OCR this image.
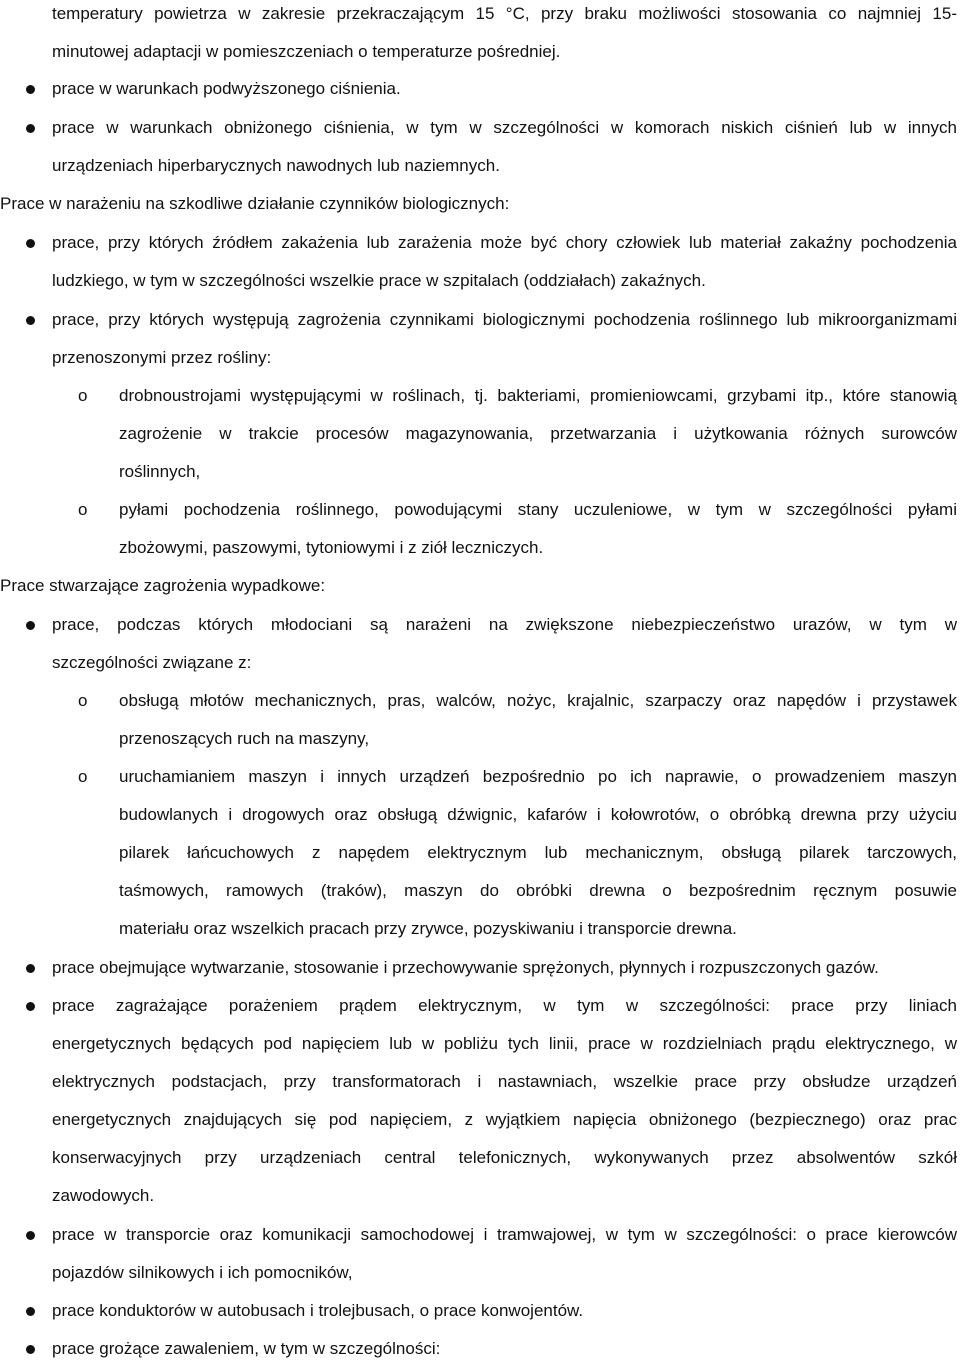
temperatury powietrza w zakresie przekraczającym 15 °C, przy braku możliwości stosowania co najmniej 15-
minutowej adaptacji w pomieszczeniach o temperaturze pośredniej.
prace w warunkach podwyższonego ciśnienia.
prace w warunkach obniżonego ciśnienia, w tym w szczególności w komorach niskich ciśnień lub w innych
urządzeniach hiperbarycznych nawodnych lub naziemnych.
Prace w narażeniu na szkodliwe działanie czynników biologicznych:
prace, przy których źródłem zakażenia lub zarażenia może być chory człowiek lub materiał zakaźny pochodzenia
ludzkiego, w tym w szczególności wszelkie prace w szpitalach (oddziałach) zakaźnych.
prace, przy których występują zagrożenia czynnikami biologicznymi pochodzenia roślinnego lub mikroorganizmami
przenoszonymi przez rośliny:
o drobnoustrojami występującymi w roślinach, tj. bakteriami, promieniowcami, grzybami itp., które stanowią
zagrożenie w trakcie procesów magazynowania, przetwarzania i użytkowania różnych surowców
roślinnych,
o pyłami pochodzenia roślinnego, powodującymi stany uczuleniowe, w tym w szczególności pyłami
zbożowymi, paszowymi, tytoniowymi i z ziół leczniczych.
Prace stwarzające zagrożenia wypadkowe:
prace, podczas których młodociani są narażeni na zwiększone niebezpieczeństwo urazów, w tym w
szczególności związane z:
o obsługą młotów mechanicznych, pras, walców, nożyc, krajalnic, szarpaczy oraz napędów i przystawek
przenoszących ruch na maszyny,
o uruchamianiem maszyn i innych urządzeń bezpośrednio po ich naprawie, o prowadzeniem maszyn
budowlanych i drogowych oraz obsługą dźwignic, kafarów i kołowrotów, o obróbką drewna przy użyciu
pilarek łańcuchowych z napędem elektrycznym lub mechanicznym, obsługą pilarek tarczowych,
taśmowych, ramowych (traków), maszyn do obróbki drewna o bezpośrednim ręcznym posuwie
materiału oraz wszelkich pracach przy zrywce, pozyskiwaniu i transporcie drewna.
prace obejmujące wytwarzanie, stosowanie i przechowywanie sprężonych, płynnych i rozpuszczonych gazów.
prace zagrażające porażeniem prądem elektrycznym, w tym w szczególności: prace przy liniach
energetycznych będących pod napięciem lub w pobliżu tych linii, prace w rozdzielniach prądu elektrycznego, w
elektrycznych podstacjach, przy transformatorach i nastawniach, wszelkie prace przy obsłudze urządzeń
energetycznych znajdujących się pod napięciem, z wyjątkiem napięcia obniżonego (bezpiecznego) oraz prac
konserwacyjnych przy urządzeniach central telefonicznych, wykonywanych przez absolwentów szkół
zawodowych.
prace w transporcie oraz komunikacji samochodowej i tramwajowej, w tym w szczególności: o prace kierowców
pojazdów silnikowych i ich pomocników,
prace konduktorów w autobusach i trolejbusach, o prace konwojentów.
prace grożące zawaleniem, w tym w szczególności:
